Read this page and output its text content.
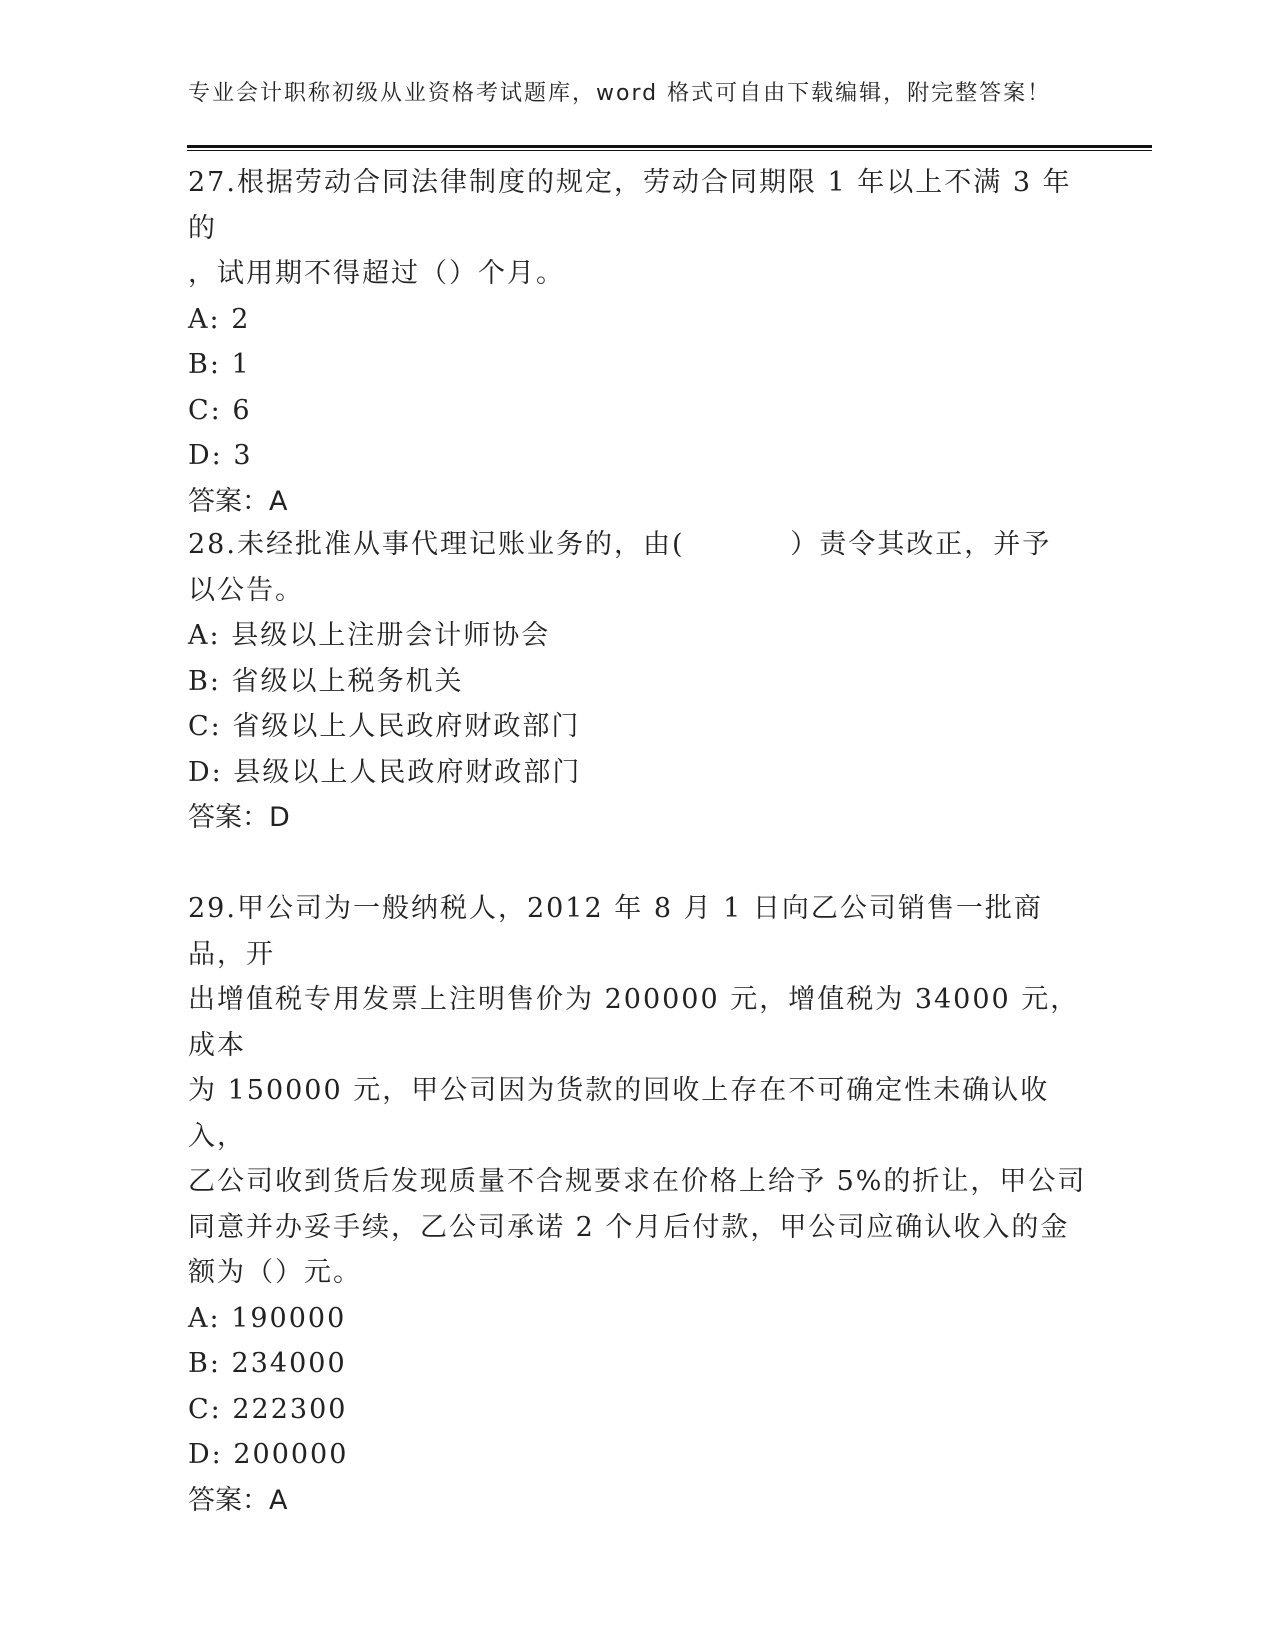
专业会计职称初级从业资格考试题库，word 格式可自由下载编辑，附完整答案！

27.根据劳动合同法律制度的规定，劳动合同期限 1 年以上不满 3 年的

，试用期不得超过（）个月。

A: 2

B: 1

C: 6

D: 3

答案：A

28.未经批准从事代理记账业务的，由(          ）责令其改正，并予

以公告。

A: 县级以上注册会计师协会

B: 省级以上税务机关

C: 省级以上人民政府财政部门

D: 县级以上人民政府财政部门

答案：D

29.甲公司为一般纳税人，2012 年 8 月 1 日向乙公司销售一批商品，开

出增值税专用发票上注明售价为 200000 元，增值税为 34000 元，成本

为 150000 元，甲公司因为货款的回收上存在不可确定性未确认收入，

乙公司收到货后发现质量不合规要求在价格上给予 5%的折让，甲公司

同意并办妥手续，乙公司承诺 2 个月后付款，甲公司应确认收入的金

额为（）元。

A: 190000

B: 234000

C: 222300

D: 200000

答案：A
